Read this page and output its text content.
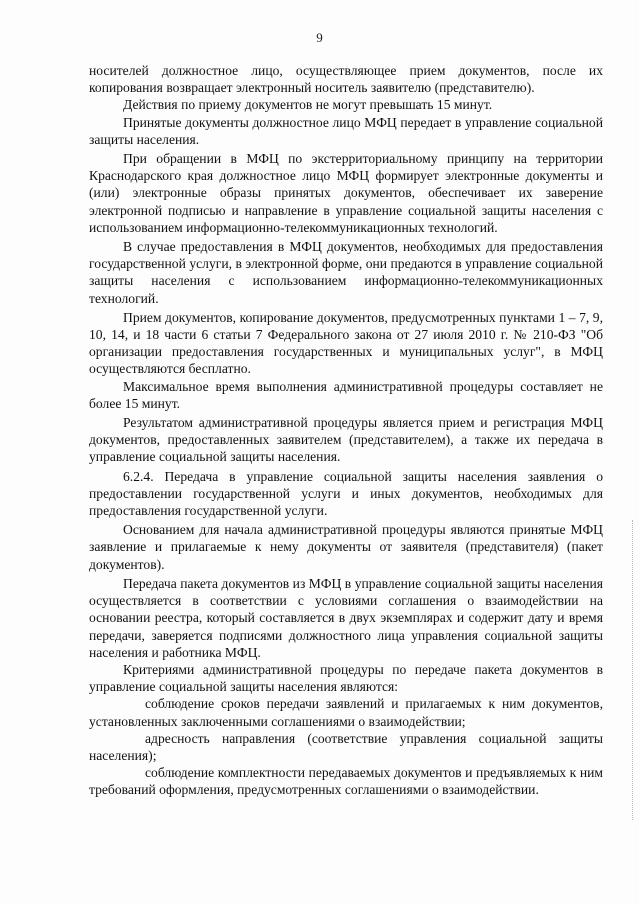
9

носителей должностное лицо, осуществляющее прием документов, после их копирования возвращает электронный носитель заявителю (представителю).

Действия по приему документов не могут превышать 15 минут.

Принятые документы должностное лицо МФЦ передает в управление социальной защиты населения.

При обращении в МФЦ по экстерриториальному принципу на территории Краснодарского края должностное лицо МФЦ формирует электронные документы и (или) электронные образы принятых документов, обеспечивает их заверение электронной подписью и направление в управление социальной защиты населения с использованием информационно-телекоммуникационных технологий.

В случае предоставления в МФЦ документов, необходимых для предоставления государственной услуги, в электронной форме, они предаются в управление социальной защиты населения с использованием информационно-телекоммуникационных технологий.

Прием документов, копирование документов, предусмотренных пунктами 1 – 7, 9, 10, 14, и 18 части 6 статьи 7 Федерального закона от 27 июля 2010 г. № 210-ФЗ "Об организации предоставления государственных и муниципальных услуг", в МФЦ осуществляются бесплатно.

Максимальное время выполнения административной процедуры составляет не более 15 минут.

Результатом административной процедуры является прием и регистрация МФЦ документов, предоставленных заявителем (представителем), а также их передача в управление социальной защиты населения.

6.2.4. Передача в управление социальной защиты населения заявления о предоставлении государственной услуги и иных документов, необходимых для предоставления государственной услуги.

Основанием для начала административной процедуры являются принятые МФЦ заявление и прилагаемые к нему документы от заявителя (представителя) (пакет документов).

Передача пакета документов из МФЦ в управление социальной защиты населения осуществляется в соответствии с условиями соглашения о взаимодействии на основании реестра, который составляется в двух экземплярах и содержит дату и время передачи, заверяется подписями должностного лица управления социальной защиты населения и работника МФЦ.

Критериями административной процедуры по передаче пакета документов в управление социальной защиты населения являются:

соблюдение сроков передачи заявлений и прилагаемых к ним документов, установленных заключенными соглашениями о взаимодействии;

адресность направления (соответствие управления социальной защиты населения);

соблюдение комплектности передаваемых документов и предъявляемых к ним требований оформления, предусмотренных соглашениями о взаимодействии.
